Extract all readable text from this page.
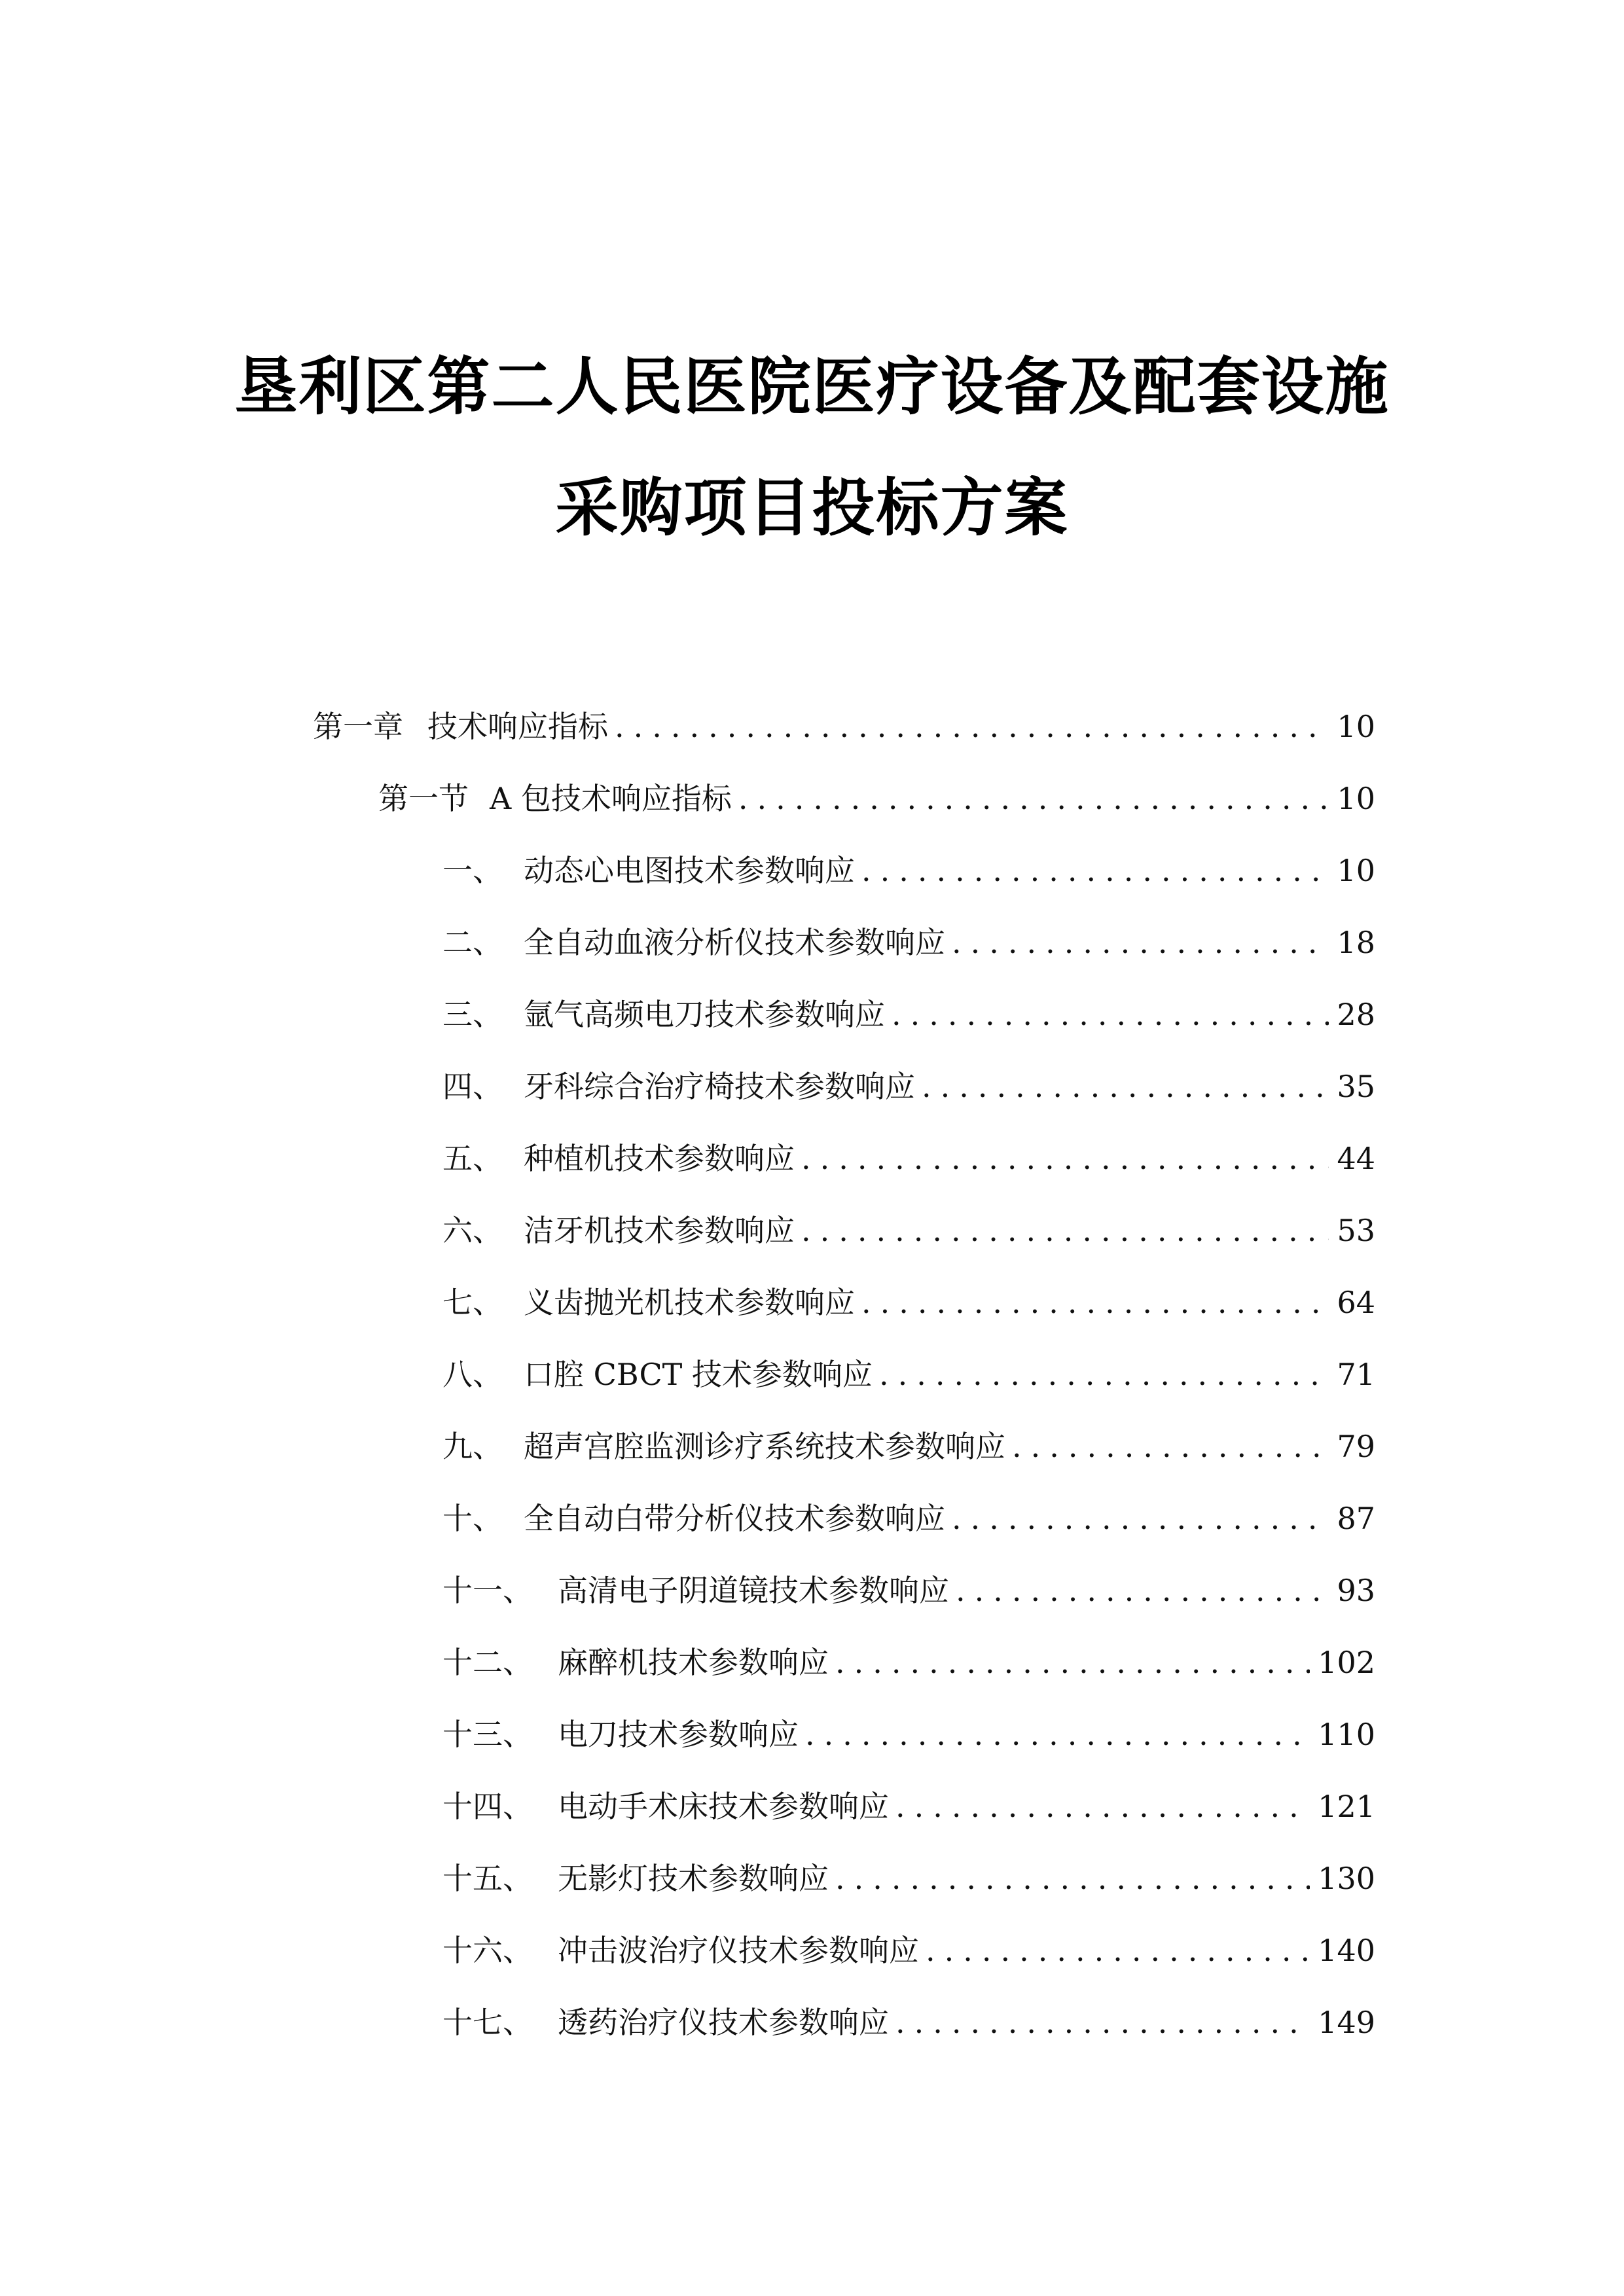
垦利区第二人民医院医疗设备及配套设施
采购项目投标方案
第一章 技术响应指标 .....	10
第一节 A 包技术响应指标 .....	10
一、 动态心电图技术参数响应 .....	10
二、 全自动血液分析仪技术参数响应 .....	18
三、 氩气高频电刀技术参数响应 .....	28
四、 牙科综合治疗椅技术参数响应 .....	35
五、 种植机技术参数响应 .....	44
六、 洁牙机技术参数响应 .....	53
七、 义齿抛光机技术参数响应 .....	64
八、 口腔 CBCT 技术参数响应 .....	71
九、 超声宫腔监测诊疗系统技术参数响应 .....	79
十、 全自动白带分析仪技术参数响应 .....	87
十一、 高清电子阴道镜技术参数响应 .....	93
十二、 麻醉机技术参数响应 .....	102
十三、 电刀技术参数响应 .....	110
十四、 电动手术床技术参数响应 .....	121
十五、 无影灯技术参数响应 .....	130
十六、 冲击波治疗仪技术参数响应 .....	140
十七、 透药治疗仪技术参数响应 .....	149
